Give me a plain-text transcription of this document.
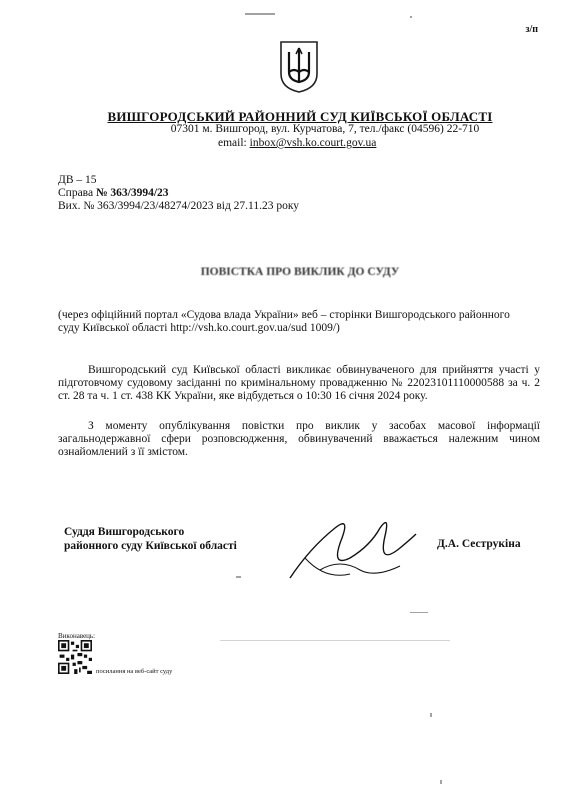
з/п
ВИШГОРОДСЬКИЙ РАЙОННИЙ СУД КИЇВСЬКОЇ ОБЛАСТІ
07301 м. Вишгород, вул. Курчатова, 7, тел./факс (04596) 22-710
email: inbox@vsh.ko.court.gov.ua
ДВ – 15
Справа № 363/3994/23
Вих. № 363/3994/23/48274/2023 від 27.11.23 року
ПОВІСТКА ПРО ВИКЛИК ДО СУДУ
(через офіційний портал «Судова влада України» веб – сторінки Вишгородського районного суду Київської області http://vsh.ko.court.gov.ua/sud 1009/)
Вишгородський суд Київської області викликає обвинуваченого для прийняття участі у підготовчому судовому засіданні по кримінальному провадженню № 22023101110000588 за ч. 2 ст. 28 та ч. 1 ст. 438 КК України, яке відбудеться о 10:30 16 січня 2024 року.
З моменту опублікування повістки про виклик у засобах масової інформації загальнодержавної сфери розповсюдження, обвинувачений вважається належним чином ознайомлений з її змістом.
Суддя Вишгородського
районного суду Київської області	Д.А. Сеструкіна
Виконавець:
посилання на веб-сайт суду
